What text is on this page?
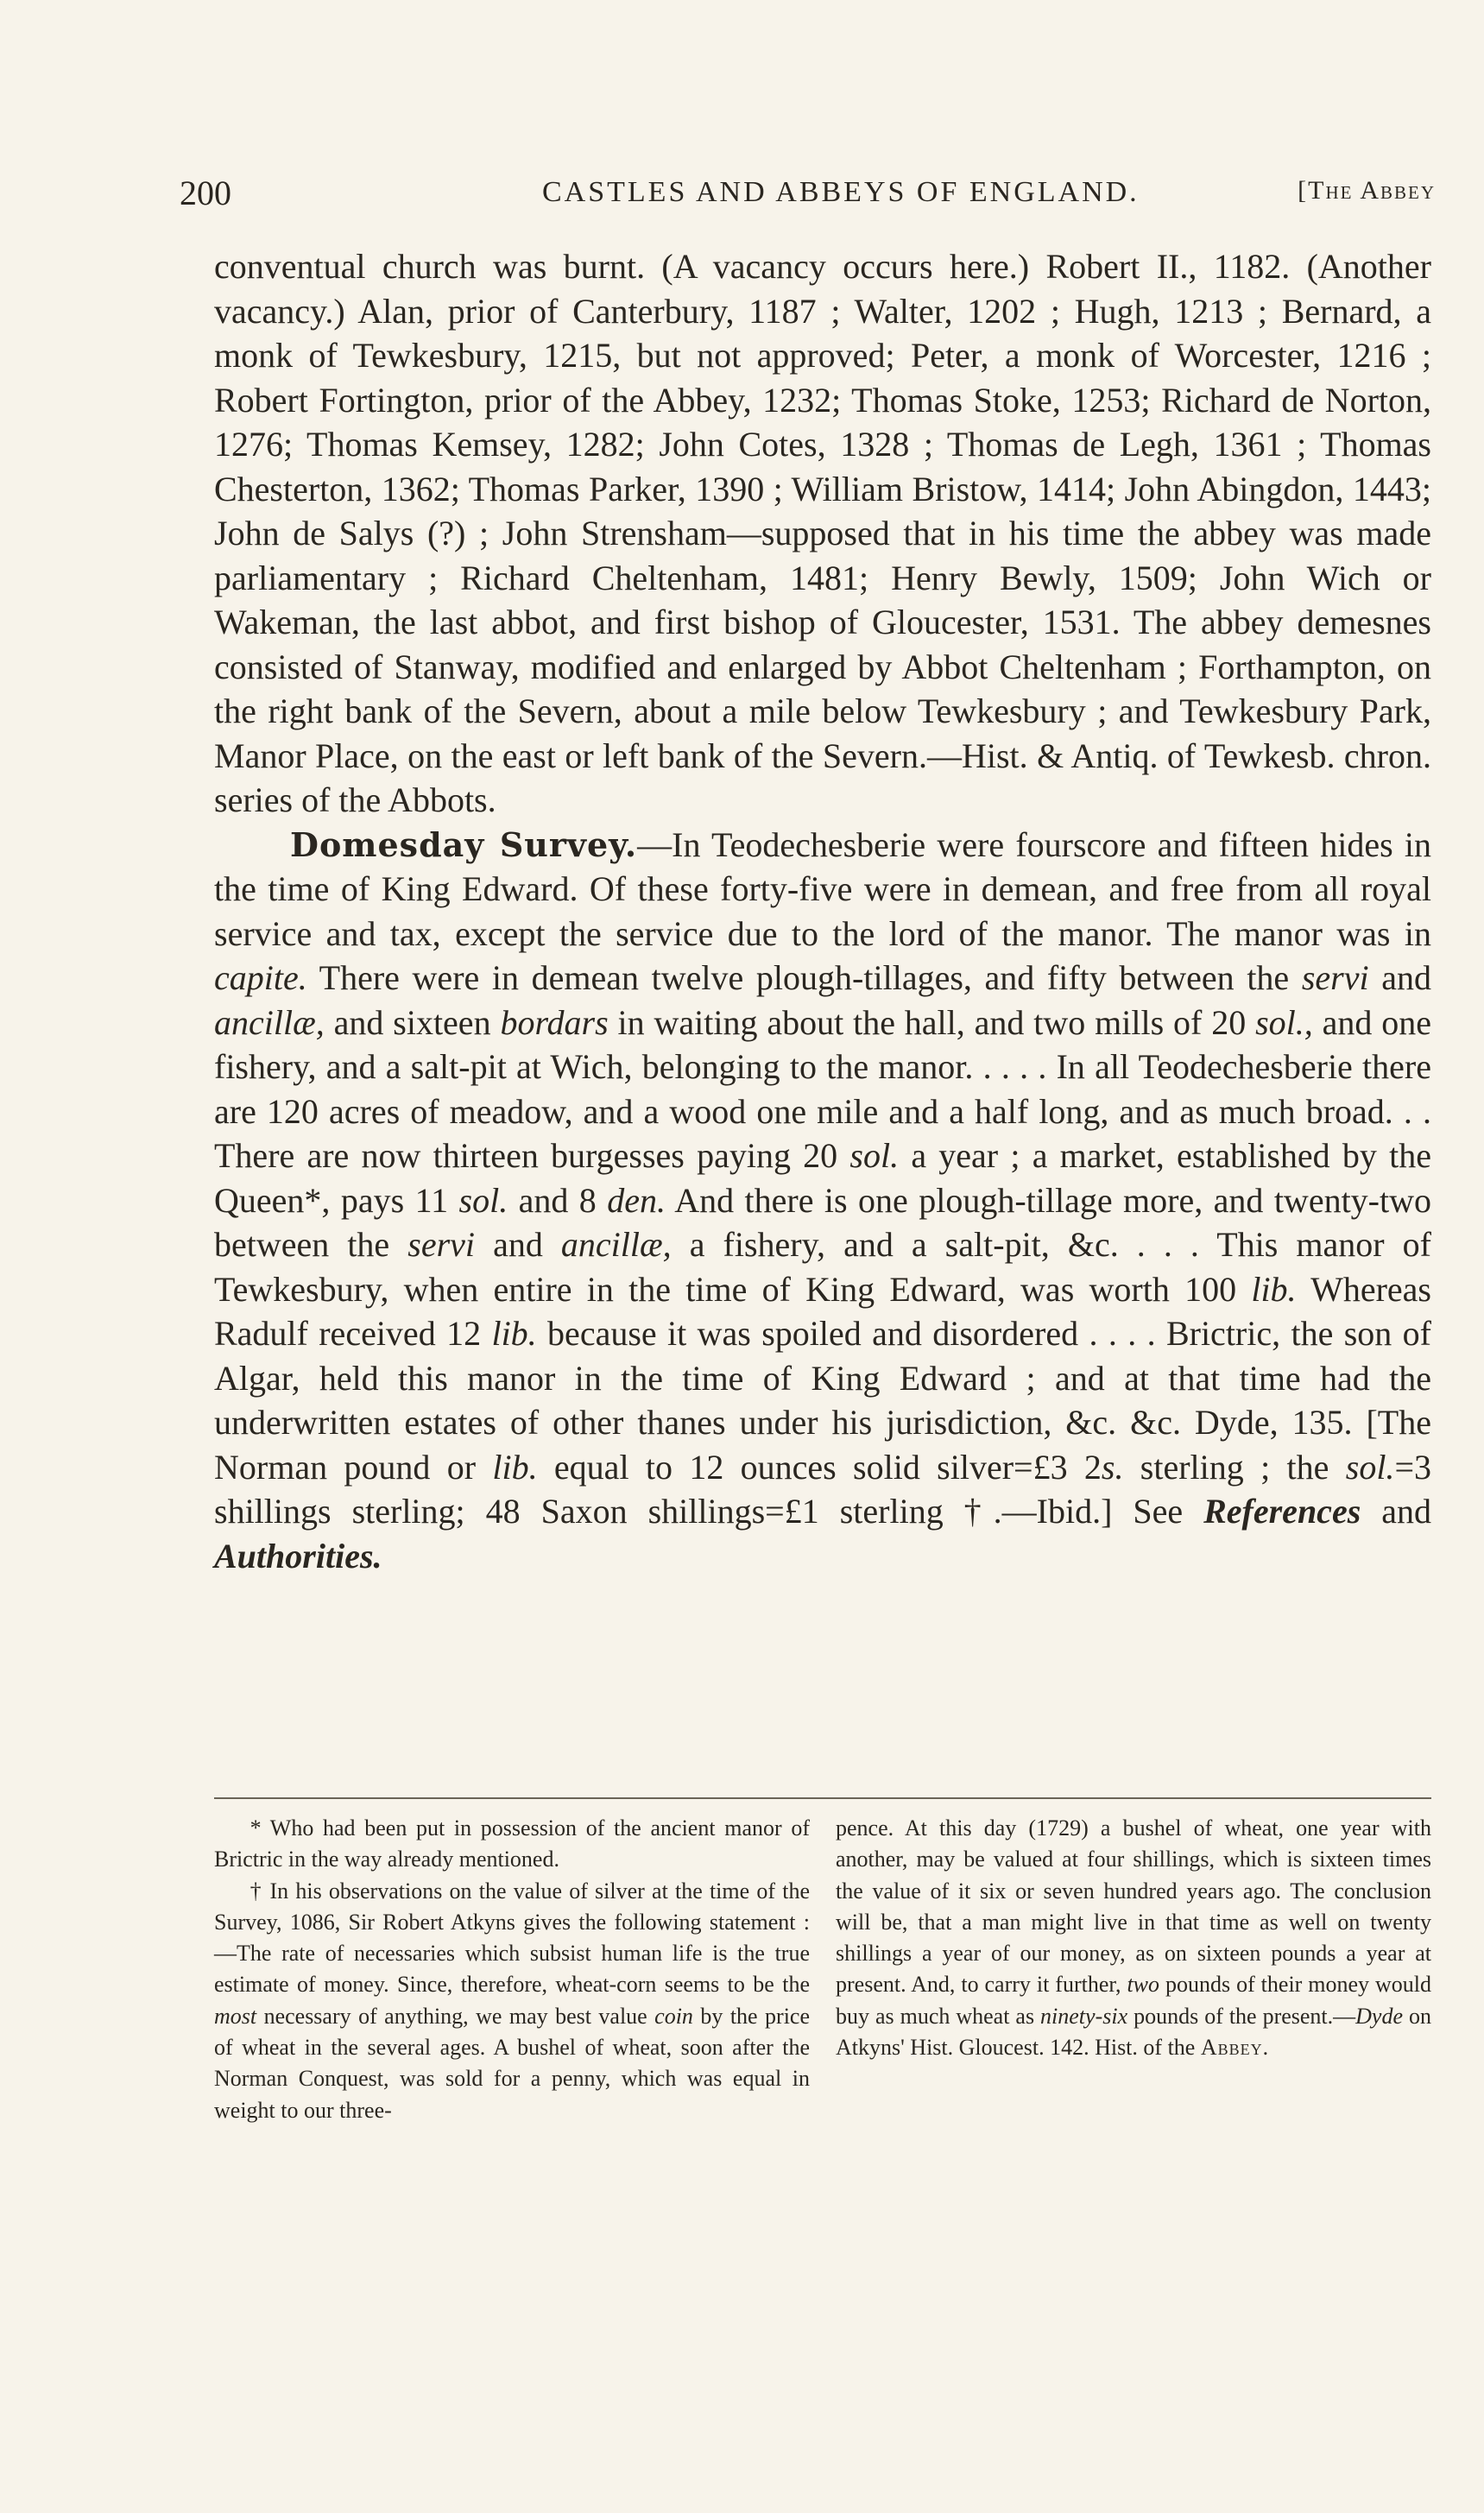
200	CASTLES AND ABBEYS OF ENGLAND.	[The Abbey

conventual church was burnt. (A vacancy occurs here.) Robert II., 1182. (Another vacancy.) Alan, prior of Canterbury, 1187 ; Walter, 1202 ; Hugh, 1213 ; Bernard, a monk of Tewkesbury, 1215, but not approved; Peter, a monk of Worcester, 1216 ; Robert Fortington, prior of the Abbey, 1232; Thomas Stoke, 1253; Richard de Norton, 1276; Thomas Kemsey, 1282; John Cotes, 1328 ; Thomas de Legh, 1361 ; Thomas Chesterton, 1362; Thomas Parker, 1390 ; William Bristow, 1414; John Abingdon, 1443; John de Salys (?) ; John Strensham—supposed that in his time the abbey was made parliamentary ; Richard Cheltenham, 1481; Henry Bewly, 1509; John Wich or Wakeman, the last abbot, and first bishop of Gloucester, 1531. The abbey demesnes consisted of Stanway, modified and enlarged by Abbot Cheltenham ; Forthampton, on the right bank of the Severn, about a mile below Tewkesbury ; and Tewkesbury Park, Manor Place, on the east or left bank of the Severn.—Hist. & Antiq. of Tewkesb. chron. series of the Abbots.

Domesday Survey.—In Teodechesberie were fourscore and fifteen hides in the time of King Edward. Of these forty-five were in demean, and free from all royal service and tax, except the service due to the lord of the manor. The manor was in capite. There were in demean twelve plough-tillages, and fifty between the servi and ancillæ, and sixteen bordars in waiting about the hall, and two mills of 20 sol., and one fishery, and a salt-pit at Wich, belonging to the manor. . . . . In all Teodechesberie there are 120 acres of meadow, and a wood one mile and a half long, and as much broad. . . There are now thirteen burgesses paying 20 sol. a year ; a market, established by the Queen*, pays 11 sol. and 8 den. And there is one plough-tillage more, and twenty-two between the servi and ancillæ, a fishery, and a salt-pit, &c. . . . This manor of Tewkesbury, when entire in the time of King Edward, was worth 100 lib. Whereas Radulf received 12 lib. because it was spoiled and disordered . . . . Brictric, the son of Algar, held this manor in the time of King Edward ; and at that time had the underwritten estates of other thanes under his jurisdiction, &c. &c. Dyde, 135. [The Norman pound or lib. equal to 12 ounces solid silver=£3 2s. sterling ; the sol.=3 shillings sterling; 48 Saxon shillings=£1 sterling †.—Ibid.] See References and Authorities.

* Who had been put in possession of the ancient manor of Brictric in the way already mentioned.

† In his observations on the value of silver at the time of the Survey, 1086, Sir Robert Atkyns gives the following statement :—The rate of necessaries which subsist human life is the true estimate of money. Since, therefore, wheat-corn seems to be the most necessary of anything, we may best value coin by the price of wheat in the several ages. A bushel of wheat, soon after the Norman Conquest, was sold for a penny, which was equal in weight to our three-

pence. At this day (1729) a bushel of wheat, one year with another, may be valued at four shillings, which is sixteen times the value of it six or seven hundred years ago. The conclusion will be, that a man might live in that time as well on twenty shillings a year of our money, as on sixteen pounds a year at present. And, to carry it further, two pounds of their money would buy as much wheat as ninety-six pounds of the present.—Dyde on Atkyns' Hist. Gloucest. 142. Hist. of the Abbey.
